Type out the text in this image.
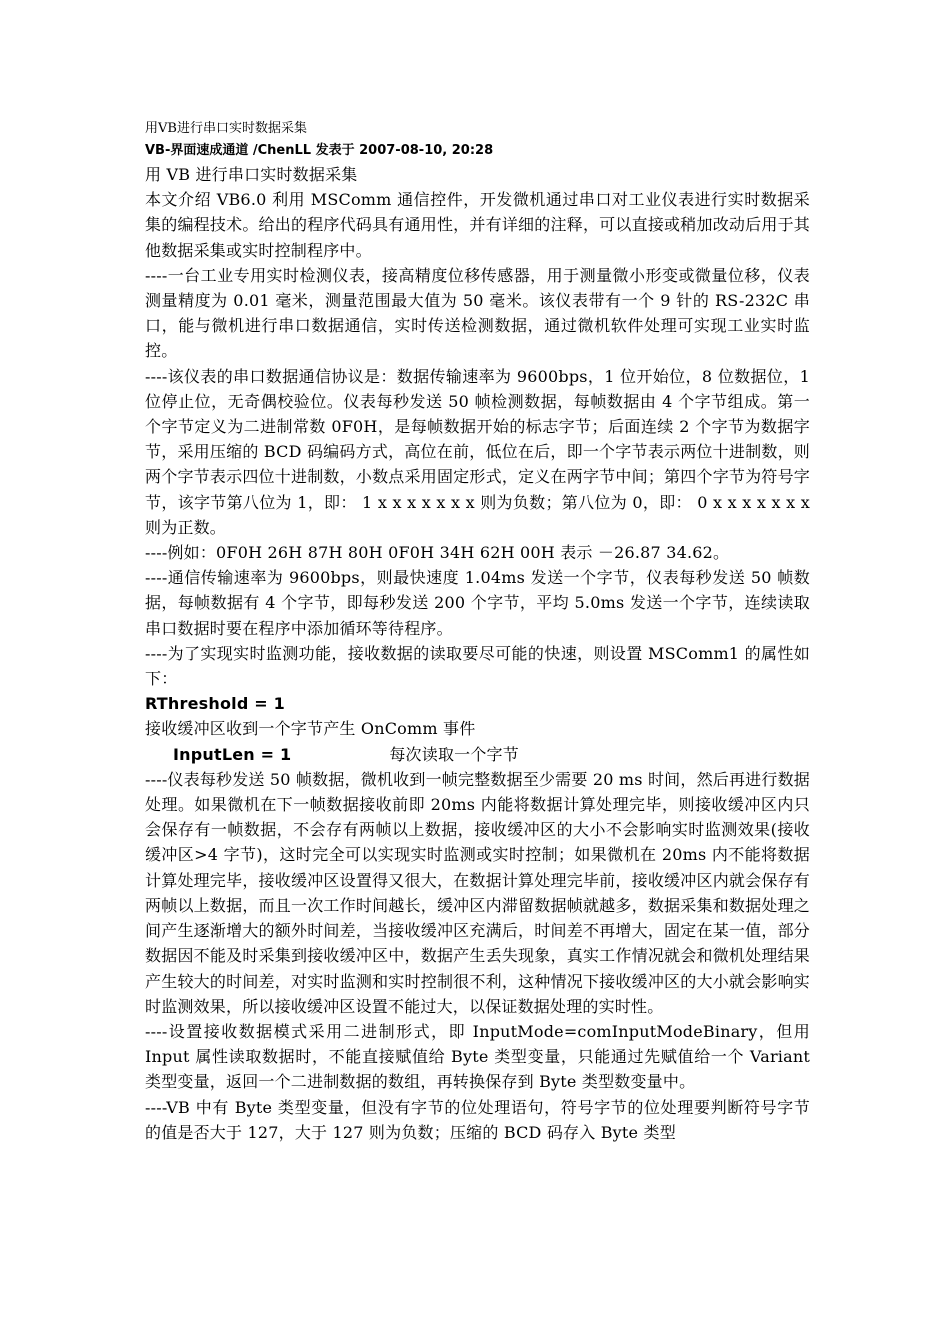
用VB进行串口实时数据采集
VB-界面速成通道 /ChenLL 发表于 2007-08-10, 20:28

用 VB 进行串口实时数据采集

本文介绍 VB6.0 利用 MSComm 通信控件，开发微机通过串口对工业仪表进行实时数据采集的编程技术。给出的程序代码具有通用性，并有详细的注释，可以直接或稍加改动后用于其他数据采集或实时控制程序中。

----一台工业专用实时检测仪表，接高精度位移传感器，用于测量微小形变或微量位移，仪表测量精度为 0.01 毫米，测量范围最大值为 50 毫米。该仪表带有一个 9 针的 RS-232C 串口，能与微机进行串口数据通信，实时传送检测数据，通过微机软件处理可实现工业实时监控。

----该仪表的串口数据通信协议是：数据传输速率为 9600bps，1 位开始位，8 位数据位，1 位停止位，无奇偶校验位。仪表每秒发送 50 帧检测数据，每帧数据由 4 个字节组成。第一个字节定义为二进制常数 0F0H，是每帧数据开始的标志字节；后面连续 2 个字节为数据字节，采用压缩的 BCD 码编码方式，高位在前，低位在后，即一个字节表示两位十进制数，则两个字节表示四位十进制数，小数点采用固定形式，定义在两字节中间；第四个字节为符号字节，该字节第八位为 1，即： 1 x x x x x x x 则为负数；第八位为 0，即： 0 x x x x x x x 则为正数。

----例如：0F0H 26H 87H 80H 0F0H 34H 62H 00H 表示 －26.87 34.62。

----通信传输速率为 9600bps，则最快速度 1.04ms 发送一个字节，仪表每秒发送 50 帧数据，每帧数据有 4 个字节，即每秒发送 200 个字节，平均 5.0ms 发送一个字节，连续读取串口数据时要在程序中添加循环等待程序。

----为了实现实时监测功能，接收数据的读取要尽可能的快速，则设置 MSComm1 的属性如下：

RThreshold = 1

接收缓冲区收到一个字节产生 OnComm 事件

InputLen = 1	每次读取一个字节

----仪表每秒发送 50 帧数据，微机收到一帧完整数据至少需要 20 ms 时间，然后再进行数据处理。如果微机在下一帧数据接收前即 20ms 内能将数据计算处理完毕，则接收缓冲区内只会保存有一帧数据，不会存有两帧以上数据，接收缓冲区的大小不会影响实时监测效果(接收缓冲区>4 字节)，这时完全可以实现实时监测或实时控制；如果微机在 20ms 内不能将数据计算处理完毕，接收缓冲区设置得又很大，在数据计算处理完毕前，接收缓冲区内就会保存有两帧以上数据，而且一次工作时间越长，缓冲区内滞留数据帧就越多，数据采集和数据处理之间产生逐渐增大的额外时间差，当接收缓冲区充满后，时间差不再增大，固定在某一值，部分数据因不能及时采集到接收缓冲区中，数据产生丢失现象，真实工作情况就会和微机处理结果产生较大的时间差，对实时监测和实时控制很不利，这种情况下接收缓冲区的大小就会影响实时监测效果，所以接收缓冲区设置不能过大，以保证数据处理的实时性。

----设置接收数据模式采用二进制形式，即 InputMode=comInputModeBinary，但用 Input 属性读取数据时，不能直接赋值给 Byte 类型变量，只能通过先赋值给一个 Variant 类型变量，返回一个二进制数据的数组，再转换保存到 Byte 类型数变量中。

----VB 中有 Byte 类型变量，但没有字节的位处理语句，符号字节的位处理要判断符号字节的值是否大于 127，大于 127 则为负数；压缩的 BCD 码存入 Byte 类型
